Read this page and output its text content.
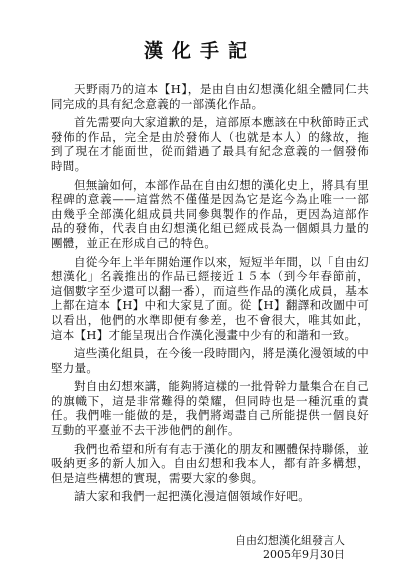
漢化手記

天野雨乃的這本【H】，是由自由幻想漢化組全體同仁共同完成的具有紀念意義的一部漢化作品。

首先需要向大家道歉的是，這部原本應該在中秋節時正式發佈的作品，完全是由於發佈人（也就是本人）的緣故，拖到了現在才能面世，從而錯過了最具有紀念意義的一個發佈時間。

但無論如何，本部作品在自由幻想的漢化史上，將具有里程碑的意義——這當然不僅僅是因為它是迄今為止唯一一部由幾乎全部漢化組成員共同參與製作的作品，更因為這部作品的發佈，代表自由幻想漢化組已經成長為一個頗具力量的團體，並正在形成自己的特色。

自從今年上半年開始運作以來，短短半年間，以「自由幻想漢化」名義推出的作品已經接近１５本（到今年春節前，這個數字至少還可以翻一番），而這些作品的漢化成員，基本上都在這本【H】中和大家見了面。從【H】翻譯和改圖中可以看出，他們的水準即便有參差，也不會很大，唯其如此，這本【H】才能呈現出合作漢化漫畫中少有的和諧和一致。

這些漢化組員，在今後一段時間內，將是漢化漫領域的中堅力量。

對自由幻想來講，能夠將這樣的一批骨幹力量集合在自己的旗幟下，這是非常難得的榮耀，但同時也是一種沉重的責任。我們唯一能做的是，我們將竭盡自己所能提供一個良好互動的平臺並不去干涉他們的創作。

我們也希望和所有有志于漢化的朋友和團體保持聯係，並吸納更多的新人加入。自由幻想和我本人，都有許多構想，但是這些構想的實現，需要大家的參與。

請大家和我們一起把漢化漫這個領域作好吧。

自由幻想漢化組發言人
2005年9月30日
